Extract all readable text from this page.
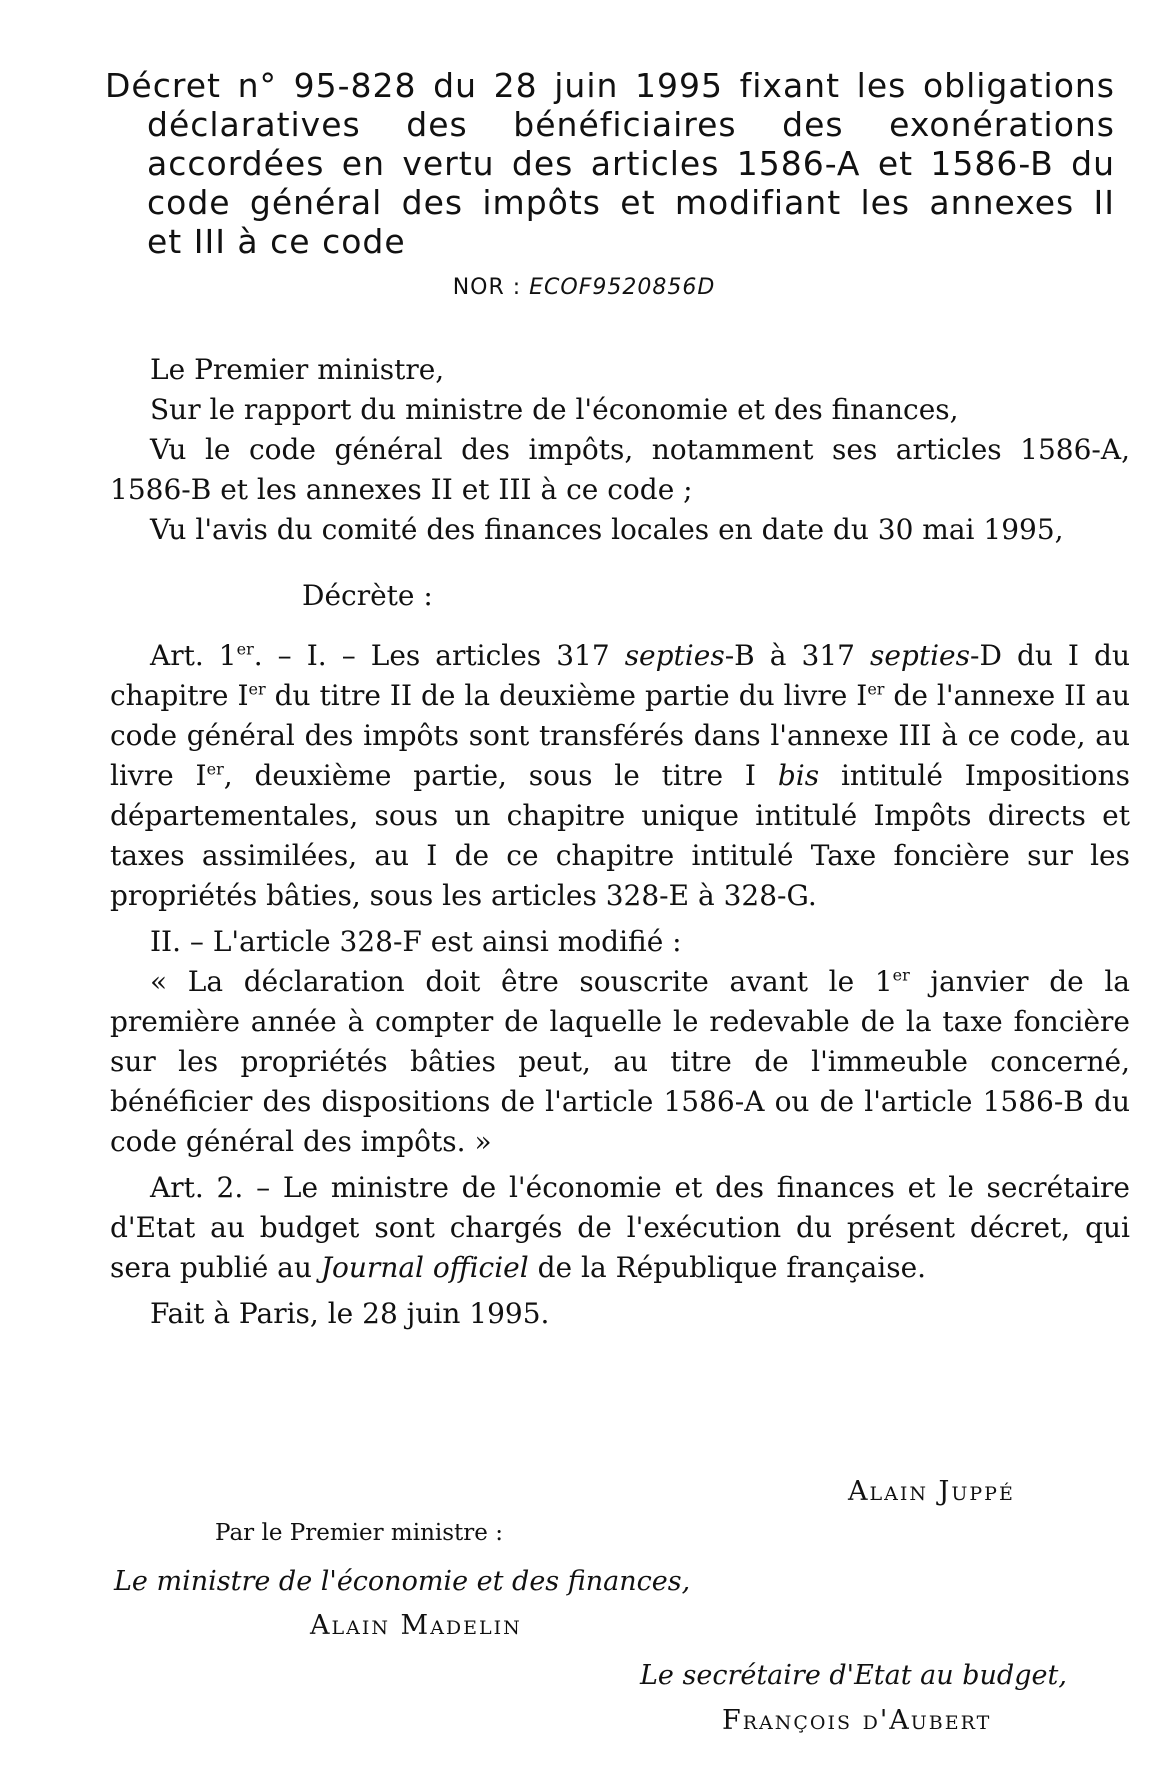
Décret n° 95-828 du 28 juin 1995 fixant les obligations
déclaratives des bénéficiaires des exonérations
accordées en vertu des articles 1586-A et 1586-B du
code général des impôts et modifiant les annexes II
et III à ce code
NOR : ECOF9520856D

Le Premier ministre,

Sur le rapport du ministre de l'économie et des finances,

Vu le code général des impôts, notamment ses articles 1586-A, 1586-B et les annexes II et III à ce code ;

Vu l'avis du comité des finances locales en date du 30 mai 1995,

Décrète :

Art. 1er. – I. – Les articles 317 septies-B à 317 septies-D du I du chapitre Ier du titre II de la deuxième partie du livre Ier de l'annexe II au code général des impôts sont transférés dans l'annexe III à ce code, au livre Ier, deuxième partie, sous le titre I bis intitulé Impositions départementales, sous un chapitre unique intitulé Impôts directs et taxes assimilées, au I de ce chapitre intitulé Taxe foncière sur les propriétés bâties, sous les articles 328-E à 328-G.

II. – L'article 328-F est ainsi modifié :

« La déclaration doit être souscrite avant le 1er janvier de la première année à compter de laquelle le redevable de la taxe foncière sur les propriétés bâties peut, au titre de l'immeuble concerné, bénéficier des dispositions de l'article 1586-A ou de l'article 1586-B du code général des impôts. »

Art. 2. – Le ministre de l'économie et des finances et le secrétaire d'Etat au budget sont chargés de l'exécution du présent décret, qui sera publié au Journal officiel de la République française.

Fait à Paris, le 28 juin 1995.

Alain Juppé
Par le Premier ministre :
Le ministre de l'économie et des finances,
Alain Madelin
Le secrétaire d'Etat au budget,
François d'Aubert
